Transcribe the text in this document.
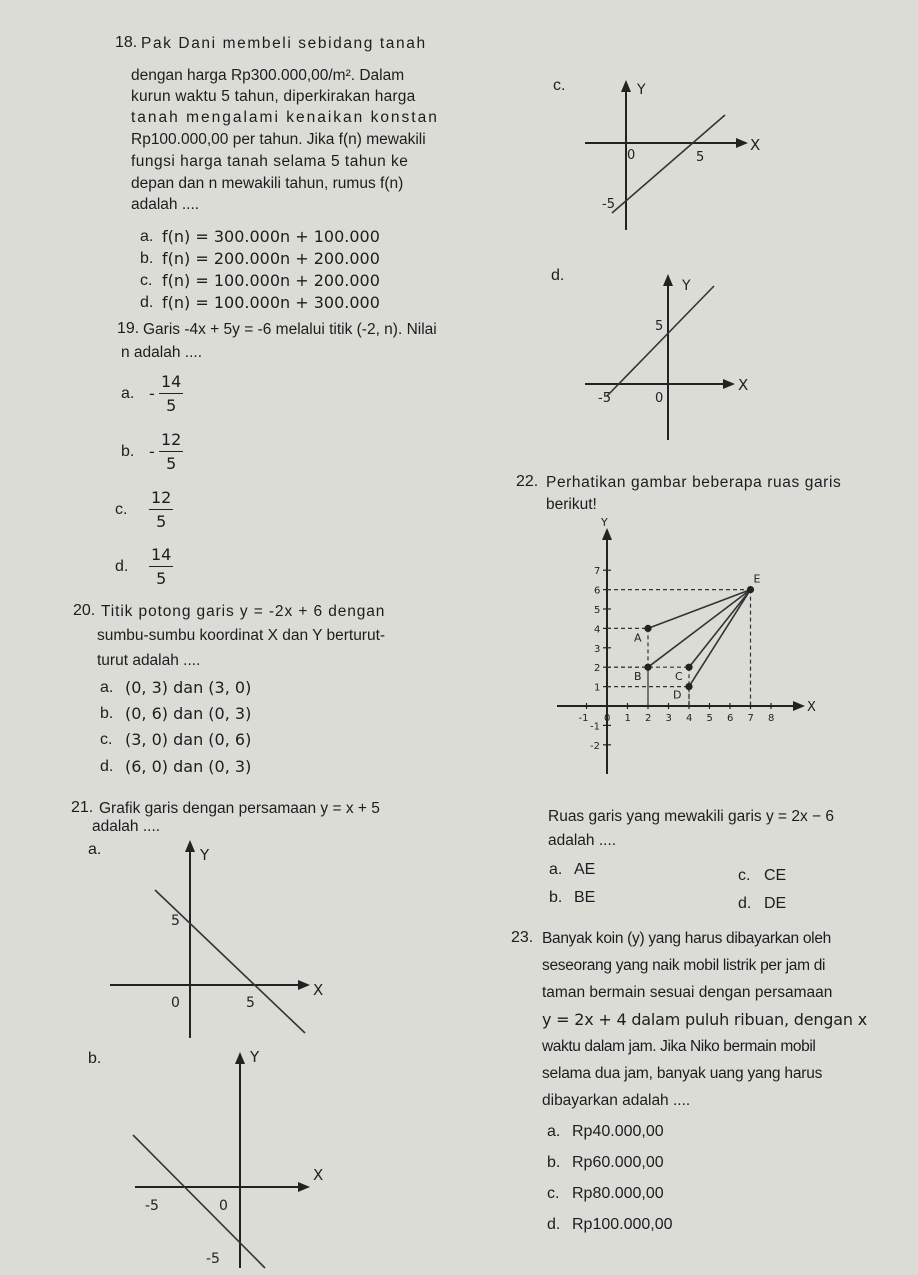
18. Pak Dani membeli sebidang tanah
dengan harga Rp300.000,00/m². Dalam
kurun waktu 5 tahun, diperkirakan harga
tanah mengalami kenaikan konstan
Rp100.000,00 per tahun. Jika f(n) mewakili
fungsi harga tanah selama 5 tahun ke
depan dan n mewakili tahun, rumus f(n)
adalah ....
a. f(n) = 300.000n + 100.000
b. f(n) = 200.000n + 200.000
c. f(n) = 100.000n + 200.000
d. f(n) = 100.000n + 300.000
19. Garis -4x + 5y = -6 melalui titik (-2, n). Nilai
n adalah ....
a. - $\frac{14}{5}$
b. - $\frac{12}{5}$
c. $\frac{12}{5}$
d. $\frac{14}{5}$
20. Titik potong garis y = -2x + 6 dengan
sumbu-sumbu koordinat X dan Y berturut-
turut adalah ....
a. (0, 3) dan (3, 0)
b. (0, 6) dan (0, 3)
c. (3, 0) dan (0, 6)
d. (6, 0) dan (0, 3)
21. Grafik garis dengan persamaan y = x + 5
adalah ....
a.	Y
X
5
0	5
b.	Y
X
-5	0
-5
c.	Y
X
0	5
-5
d.
Y
X
5
-5	0
22. Perhatikan gambar beberapa ruas garis
berikut!
Y
X
-1 0 1 2 3 4 5 6 7 8
7
6
5
4
3
2
1
-1
-2
E
A
B	C
D
Ruas garis yang mewakili garis y = 2x − 6
adalah ....
a. AE
b. BE
c. CE
d. DE
23. Banyak koin (y) yang harus dibayarkan oleh
seseorang yang naik mobil listrik per jam di
taman bermain sesuai dengan persamaan
y = 2x + 4 dalam puluh ribuan, dengan x
waktu dalam jam. Jika Niko bermain mobil
selama dua jam, banyak uang yang harus
dibayarkan adalah ....
a. Rp40.000,00
b. Rp60.000,00
c. Rp80.000,00
d. Rp100.000,00
